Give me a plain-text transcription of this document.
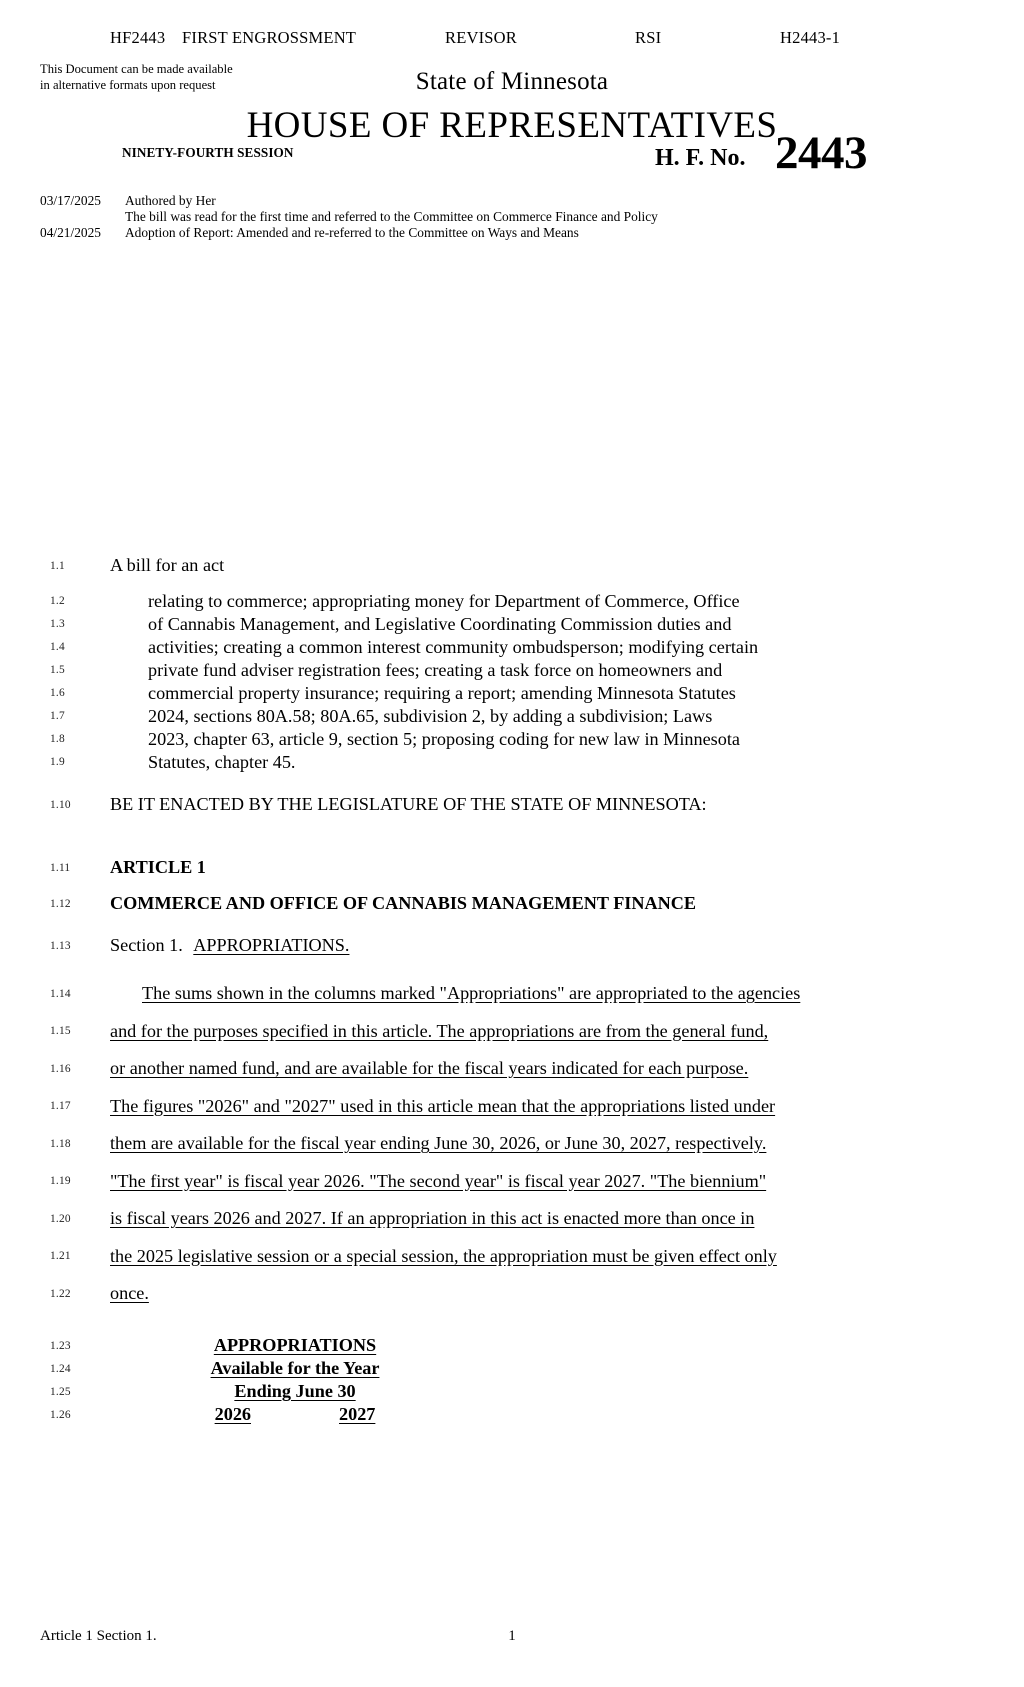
HF2443 FIRST ENGROSSMENT	REVISOR	RSI	H2443-1
This Document can be made available
in alternative formats upon request	State of Minnesota
HOUSE OF REPRESENTATIVES
NINETY-FOURTH SESSION	H. F. No. 2443
03/17/2025	Authored by Her
The bill was read for the first time and referred to the Committee on Commerce Finance and Policy
04/21/2025	Adoption of Report: Amended and re-referred to the Committee on Ways and Means
1.1	A bill for an act
1.2	relating to commerce; appropriating money for Department of Commerce, Office
1.3	of Cannabis Management, and Legislative Coordinating Commission duties and
1.4	activities; creating a common interest community ombudsperson; modifying certain
1.5	private fund adviser registration fees; creating a task force on homeowners and
1.6	commercial property insurance; requiring a report; amending Minnesota Statutes
1.7	2024, sections 80A.58; 80A.65, subdivision 2, by adding a subdivision; Laws
1.8	2023, chapter 63, article 9, section 5; proposing coding for new law in Minnesota
1.9	Statutes, chapter 45.
1.10	BE IT ENACTED BY THE LEGISLATURE OF THE STATE OF MINNESOTA:
1.11	ARTICLE 1
1.12	COMMERCE AND OFFICE OF CANNABIS MANAGEMENT FINANCE
1.13	Section 1. APPROPRIATIONS.
1.14	The sums shown in the columns marked "Appropriations" are appropriated to the agencies
1.15	and for the purposes specified in this article. The appropriations are from the general fund,
1.16	or another named fund, and are available for the fiscal years indicated for each purpose.
1.17	The figures "2026" and "2027" used in this article mean that the appropriations listed under
1.18	them are available for the fiscal year ending June 30, 2026, or June 30, 2027, respectively.
1.19	"The first year" is fiscal year 2026. "The second year" is fiscal year 2027. "The biennium"
1.20	is fiscal years 2026 and 2027. If an appropriation in this act is enacted more than once in
1.21	the 2025 legislative session or a special session, the appropriation must be given effect only
1.22	once.
1.23	APPROPRIATIONS
1.24	Available for the Year
1.25	Ending June 30
1.26	2026	2027
Article 1 Section 1.	1
